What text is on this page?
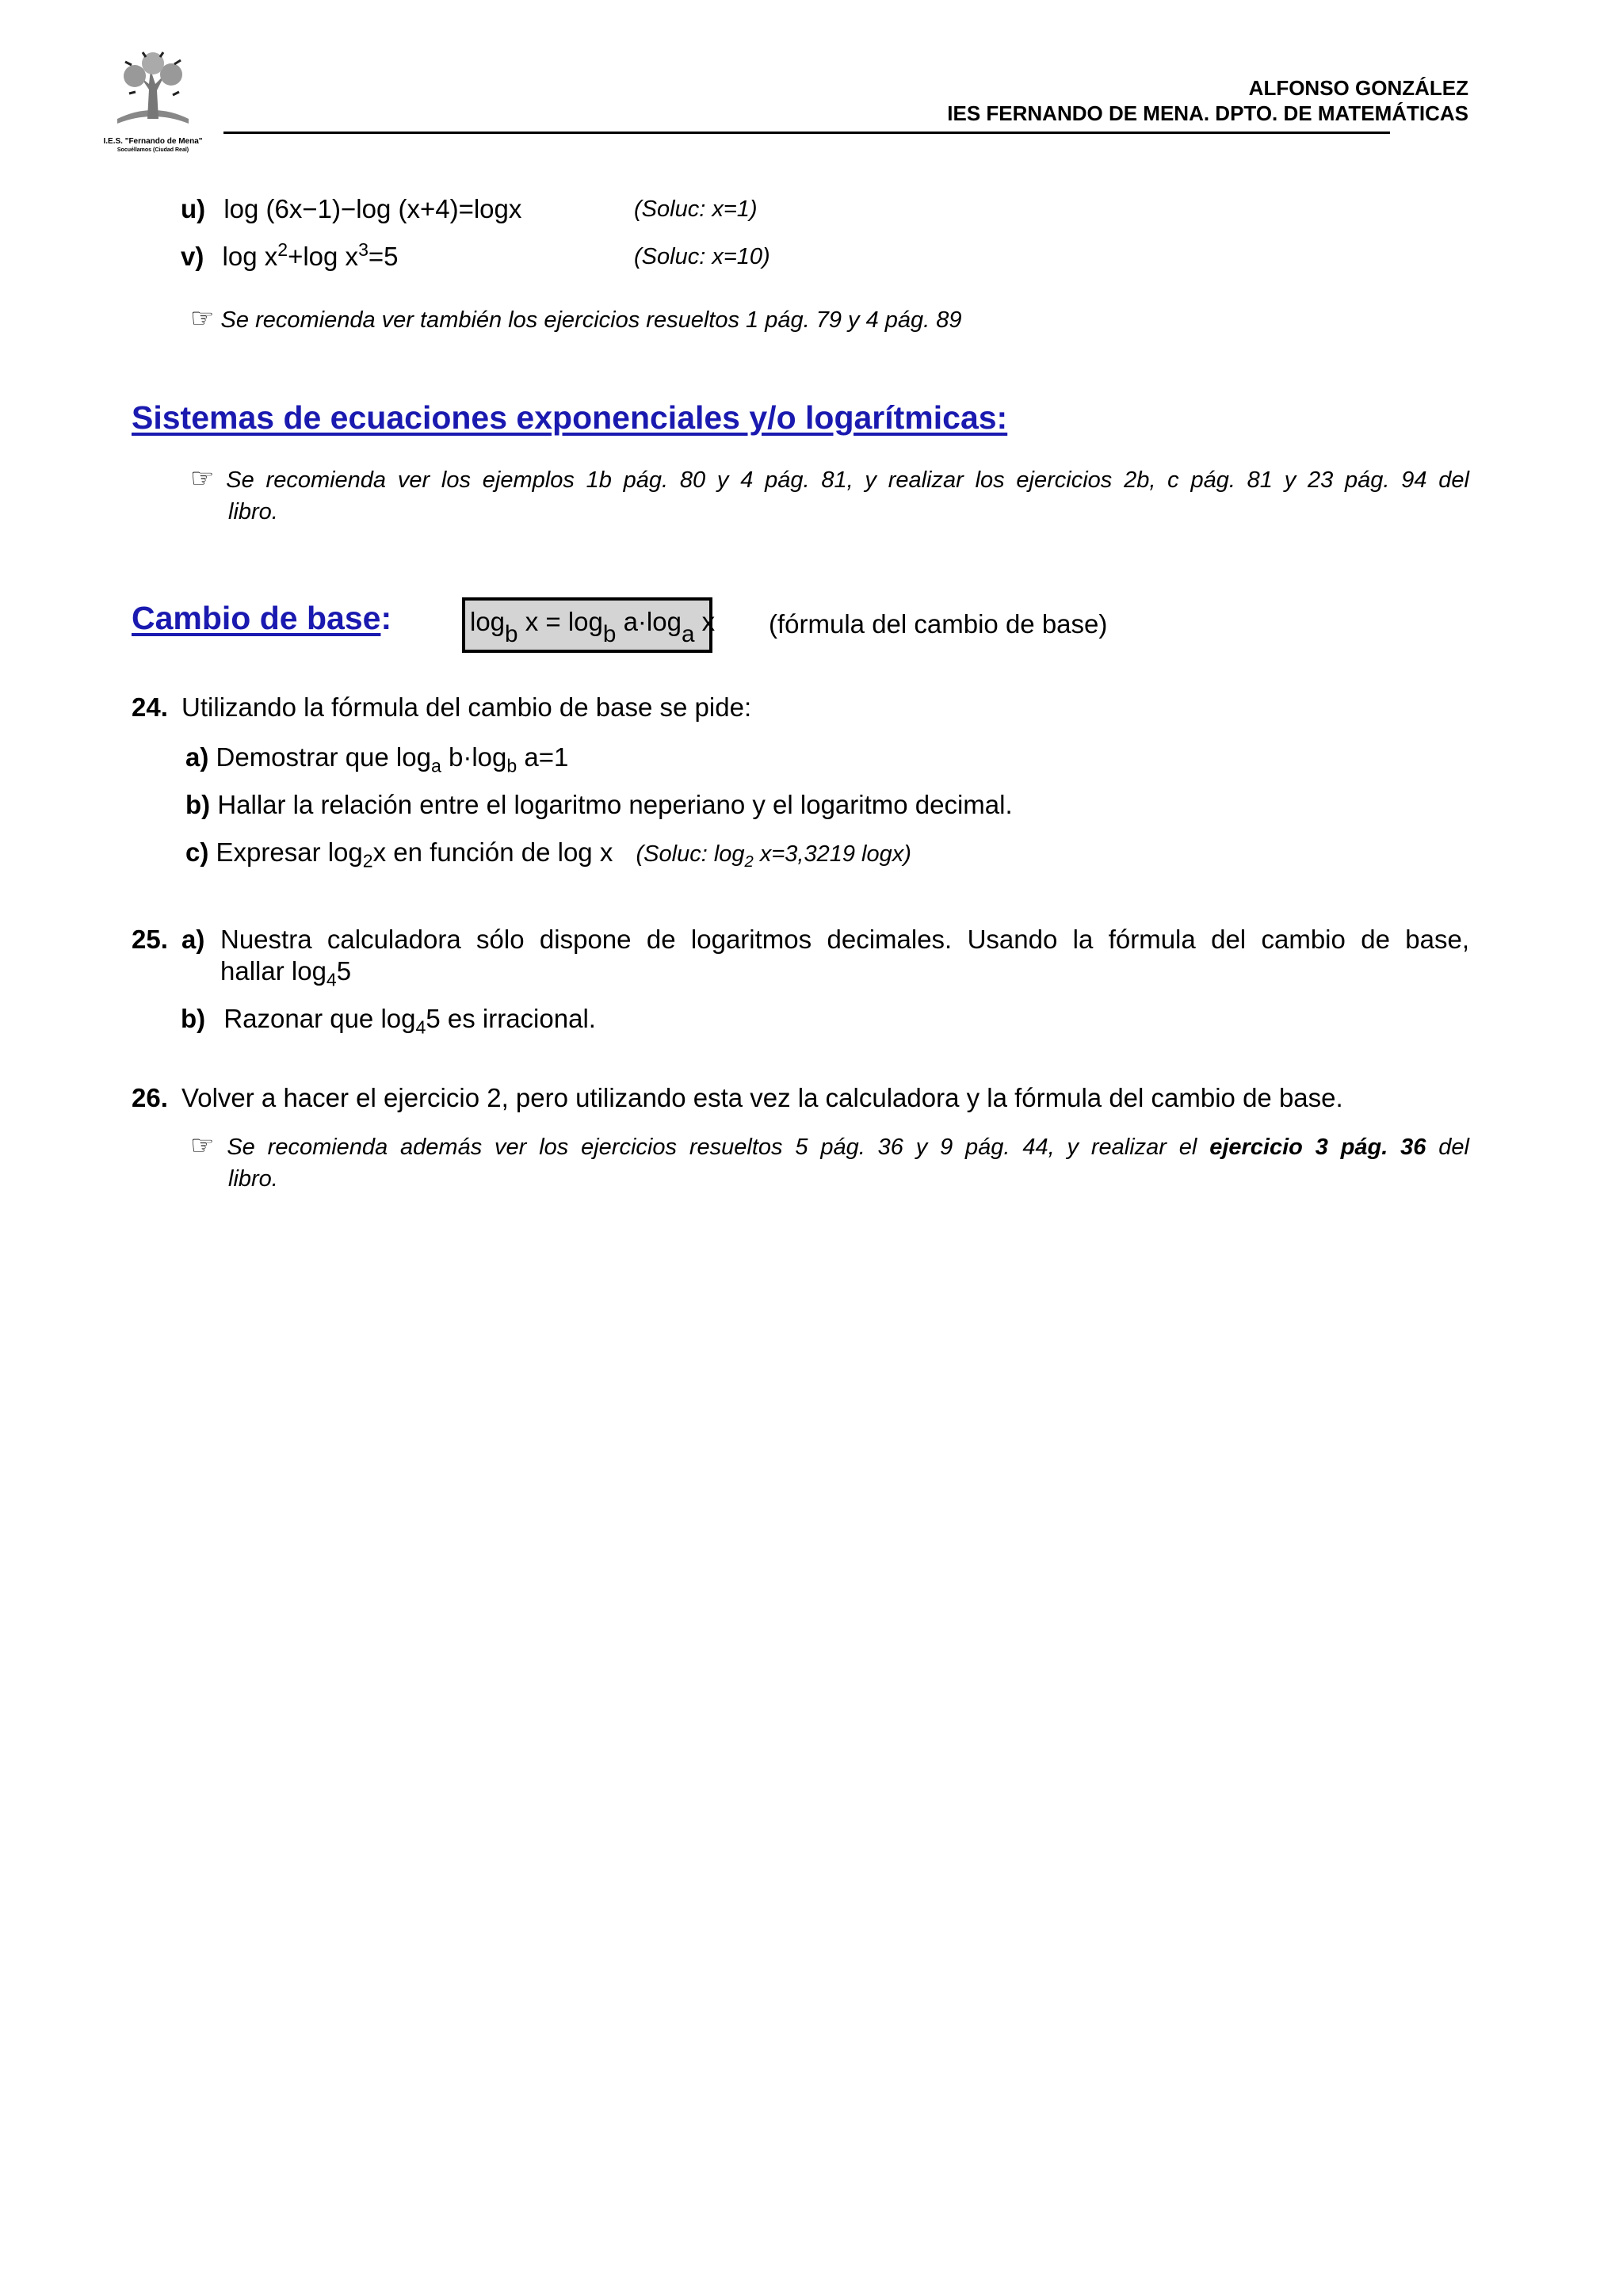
I.E.S. "Fernando de Mena"
Socuéllamos (Ciudad Real)
ALFONSO GONZÁLEZ
IES FERNANDO DE MENA. DPTO. DE MATEMÁTICAS
u) log (6x−1)−log (x+4)=logx	(Soluc: x=1)
v) $\log x^2+\log$ $x^3=5$	(Soluc: x=10)
☞ Se recomienda ver también los ejercicios resueltos 1 pág. 79 y 4 pág. 89
Sistemas de ecuaciones exponenciales y/o logarítmicas:
☞ Se recomienda ver los ejemplos 1b pág. 80 y 4 pág. 81, y realizar los ejercicios 2b, c pág. 81 y 23 pág. 94 del
libro.
Cambio de base:	$\log_b x = \log_b a\cdot\log_a$ x (fórmula del cambio de base)
24. Utilizando la fórmula del cambio de base se pide:
a) Demostrar que $\log_a b\cdot\log_b$ a=1
b) Hallar la relación entre el logaritmo neperiano y el logaritmo decimal.
c) Expresar $\log_2x$ en función de log x (Soluc: $\log_2 x=3,3219$ logx)
25. a) Nuestra calculadora sólo dispone de logaritmos decimales. Usando la fórmula del cambio de base,
hallar $\log_45$
b) Razonar que $\log_45$ es irracional.
26. Volver a hacer el ejercicio 2, pero utilizando esta vez la calculadora y la fórmula del cambio de base.
☞ Se recomienda además ver los ejercicios resueltos 5 pág. 36 y 9 pág. 44, y realizar el ejercicio 3 pág. 36 del
libro.
